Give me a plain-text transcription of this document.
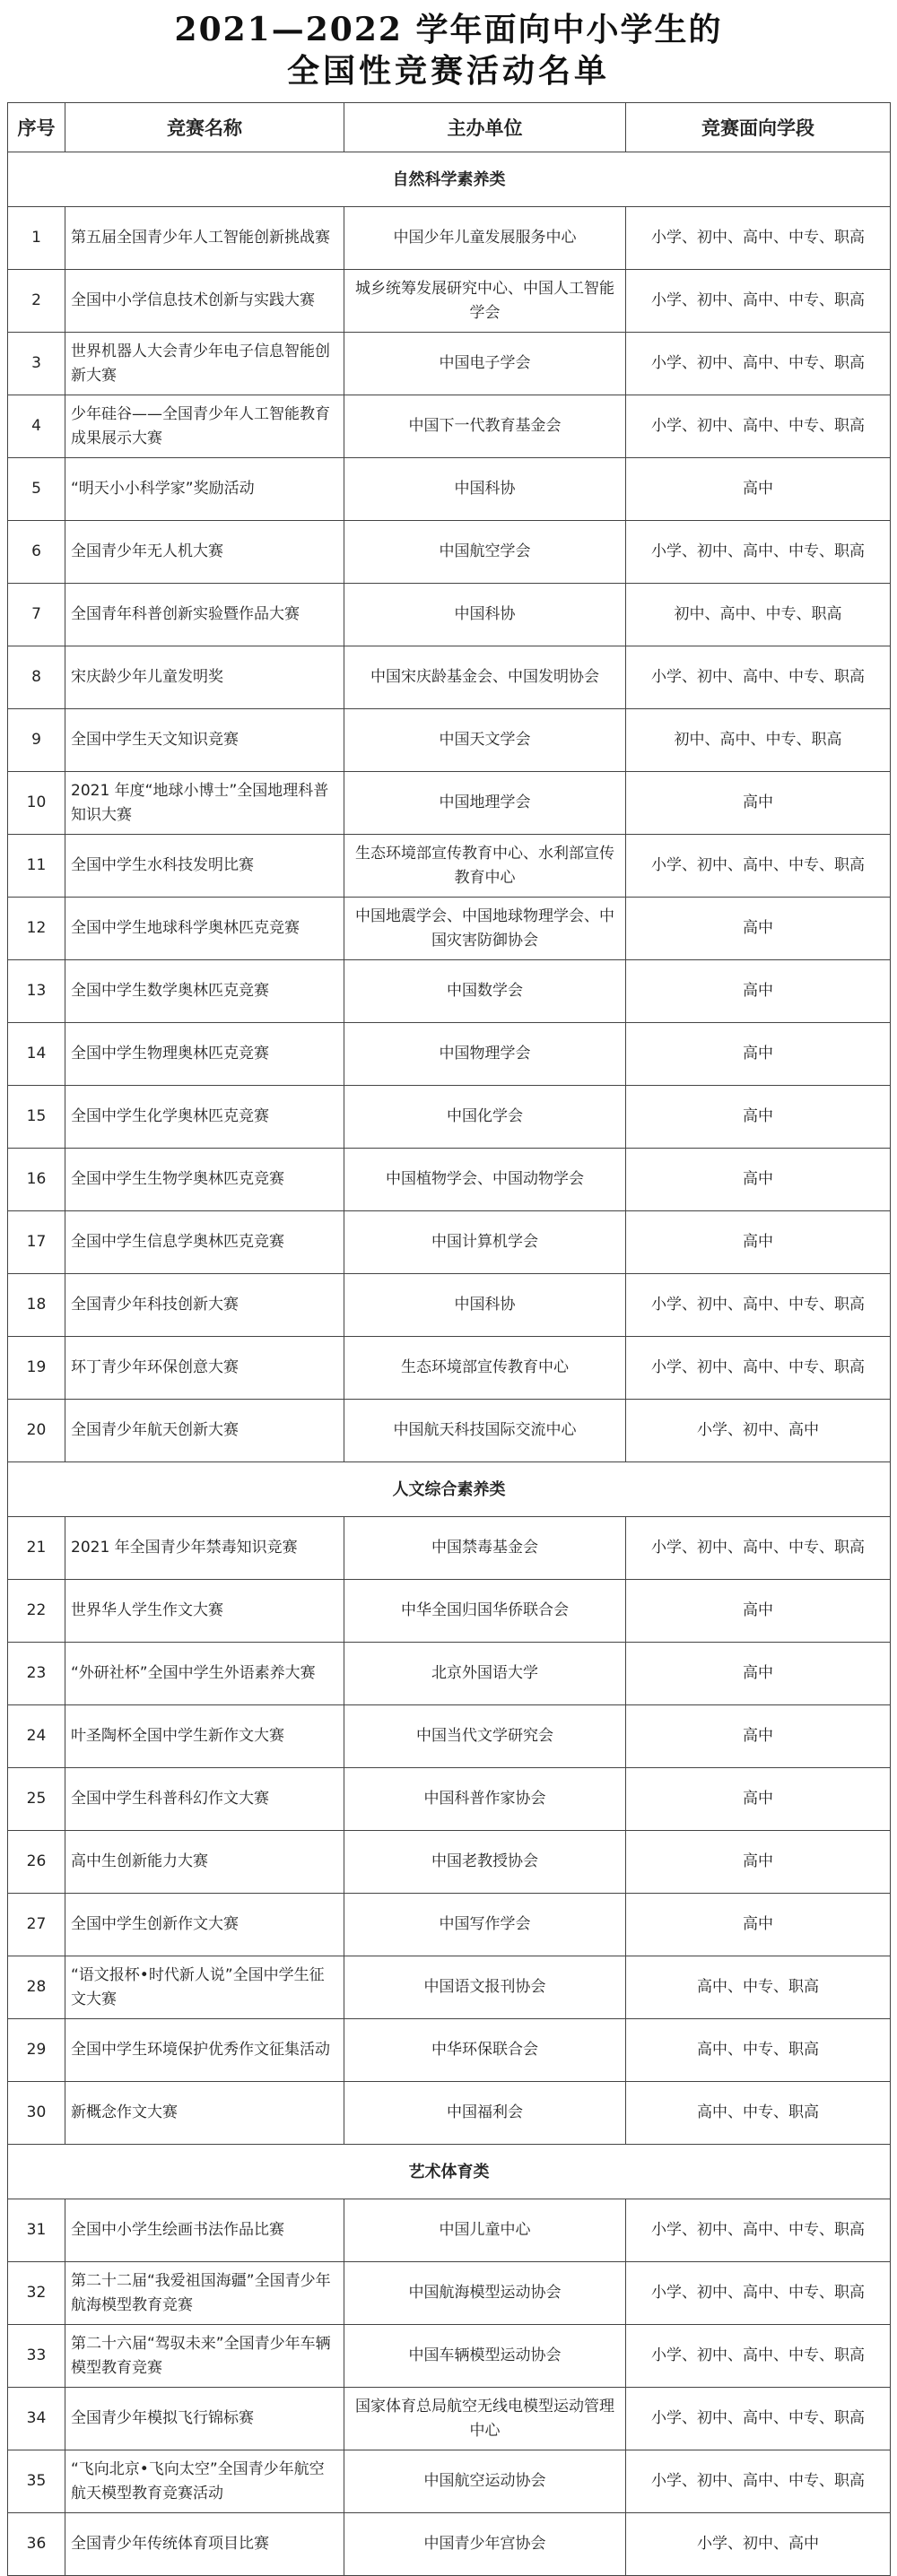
2021—2022 学年面向中小学生的
全国性竞赛活动名单
序号	竞赛名称	主办单位	竞赛面向学段
自然科学素养类			
1	第五届全国青少年人工智能创新挑战赛	中国少年儿童发展服务中心	小学、初中、高中、中专、职高
2	全国中小学信息技术创新与实践大赛	城乡统筹发展研究中心、中国人工智能学会	小学、初中、高中、中专、职高
3	世界机器人大会青少年电子信息智能创新大赛	中国电子学会	小学、初中、高中、中专、职高
4	少年硅谷——全国青少年人工智能教育成果展示大赛	中国下一代教育基金会	小学、初中、高中、中专、职高
5	“明天小小科学家”奖励活动	中国科协	高中
6	全国青少年无人机大赛	中国航空学会	小学、初中、高中、中专、职高
7	全国青年科普创新实验暨作品大赛	中国科协	初中、高中、中专、职高
8	宋庆龄少年儿童发明奖	中国宋庆龄基金会、中国发明协会	小学、初中、高中、中专、职高
9	全国中学生天文知识竞赛	中国天文学会	初中、高中、中专、职高
10	2021 年度“地球小博士”全国地理科普知识大赛	中国地理学会	高中
11	全国中学生水科技发明比赛	生态环境部宣传教育中心、水利部宣传教育中心	小学、初中、高中、中专、职高
12	全国中学生地球科学奥林匹克竞赛	中国地震学会、中国地球物理学会、中国灾害防御协会	高中
13	全国中学生数学奥林匹克竞赛	中国数学会	高中
14	全国中学生物理奥林匹克竞赛	中国物理学会	高中
15	全国中学生化学奥林匹克竞赛	中国化学会	高中
16	全国中学生生物学奥林匹克竞赛	中国植物学会、中国动物学会	高中
17	全国中学生信息学奥林匹克竞赛	中国计算机学会	高中
18	全国青少年科技创新大赛	中国科协	小学、初中、高中、中专、职高
19	环丁青少年环保创意大赛	生态环境部宣传教育中心	小学、初中、高中、中专、职高
20	全国青少年航天创新大赛	中国航天科技国际交流中心	小学、初中、高中
人文综合素养类			
21	2021 年全国青少年禁毒知识竞赛	中国禁毒基金会	小学、初中、高中、中专、职高
22	世界华人学生作文大赛	中华全国归国华侨联合会	高中
23	“外研社杯”全国中学生外语素养大赛	北京外国语大学	高中
24	叶圣陶杯全国中学生新作文大赛	中国当代文学研究会	高中
25	全国中学生科普科幻作文大赛	中国科普作家协会	高中
26	高中生创新能力大赛	中国老教授协会	高中
27	全国中学生创新作文大赛	中国写作学会	高中
28	“语文报杯•时代新人说”全国中学生征文大赛	中国语文报刊协会	高中、中专、职高
29	全国中学生环境保护优秀作文征集活动	中华环保联合会	高中、中专、职高
30	新概念作文大赛	中国福利会	高中、中专、职高
艺术体育类			
31	全国中小学生绘画书法作品比赛	中国儿童中心	小学、初中、高中、中专、职高
32	第二十二届“我爱祖国海疆”全国青少年航海模型教育竞赛	中国航海模型运动协会	小学、初中、高中、中专、职高
33	第二十六届“驾驭未来”全国青少年车辆模型教育竞赛	中国车辆模型运动协会	小学、初中、高中、中专、职高
34	全国青少年模拟飞行锦标赛	国家体育总局航空无线电模型运动管理中心	小学、初中、高中、中专、职高
35	“飞向北京•飞向太空”全国青少年航空航天模型教育竞赛活动	中国航空运动协会	小学、初中、高中、中专、职高
36	全国青少年传统体育项目比赛	中国青少年宫协会	小学、初中、高中
